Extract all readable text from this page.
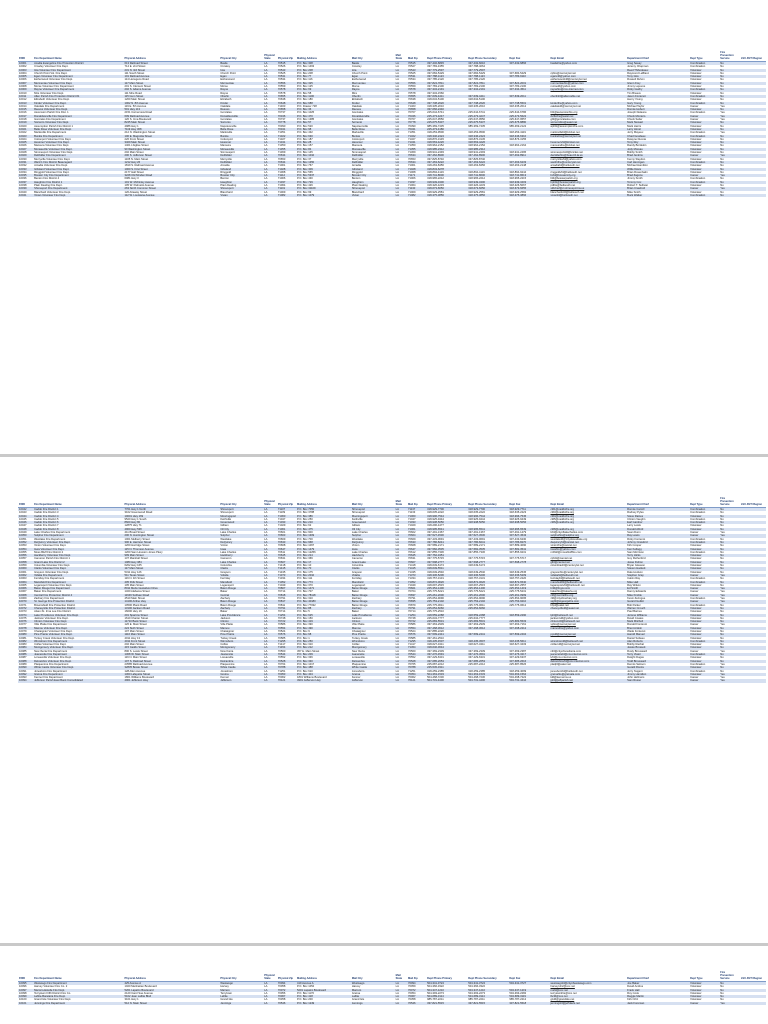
FDID	Fire Department Name	Physical Address	Physical City	Physical State	Physical Zip	Mailing Address	Mail City	Mail State	Mail Zip	Dept Phone Primary	Dept Phone Secondary	Dept Fax	Dept Email	Department Chief	Dept Type	Fire Prevention Service	LSU-FETI Region
10001	Acadia Evangeline Fire Protection District	613 Railroad Street	Basile	LA	70515	P.O. Box 308	Basile	LA	70515	337-432-6845	337-432-6010	337-432-6866	basilefire@yahoo.com	Greg Seeay	Combination	No	
10002	Crowley Volunteer Fire Dept.	714 E. 2nd Street	Crowley	LA	70526	P.O. Box 1463	Crowley	LA	70527	337-783-4355	337-788-4064			Jeremy Chapman	Combination	No	
10003	Iota Volunteer Fire Department	231 N. 3rd Street	Iota	LA	70543	P.O. Box 208	Iota	LA	70543	337-779-2597	337-779-2597			Reed Thibodeaux	Volunteer	No	
10004	Church Point Vol. Fire Dept.	111 South Street	Church Point	LA	70525	P.O. Box 208	Church Point	LA	70525	337-684-5429	337-684-5429	337-684-5429	cpfire@centurytel.net	Raymond LeBlanc	Volunteer	No	
10005	Egan Volunteer Fire Department	101 Railroad Avenue	Egan	LA	70531	P.O. Box 77	Egan	LA	70531	337-788-1123	337-788-1123	337-783-9110	eganvfd@yahoo.com	Tony Istre	Volunteer	No	
10006	Estherwood Volunteer Fire Dept.	114 Hensgens Road	Estherwood	LA	70534	P.O. Box 116	Estherwood	LA	70534	337-785-2120	337-785-2120		estherwoodvfd@centurytel.net	Russell Duhon	Volunteer	No	
10007	Mermentau Volunteer Fire Dept.	117 Main Street	Mermentau	LA	70556	P.O. Box 325	Mermentau	LA	70556	337-824-7811	337-824-7811	337-824-2001	mermentaufire@yahoo.com	Glenn Frey	Volunteer	No	
10008	Morse Volunteer Fire Department	201 S. Clement Street	Morse	LA	70559	P.O. Box 125	Morse	LA	70559	337-783-2100	337-783-2100	337-783-2100	morsefd@yahoo.com	Jimmy Lejeune	Volunteer	No	
10009	Rayne Volunteer Fire Department	202 S. Adams Avenue	Rayne	LA	70578	P.O. Box 69	Rayne	LA	70578	337-334-2191	337-334-2191	337-334-4511	raynefire@cox-internet.com	Ricky Guidry	Combination	No	
10010	Mire Volunteer Fire Dept.	111 Mire Road	Rayne	LA	70578	P.O. Box 58	Mire	LA	70578	337-334-1560				Tim Breaux	Volunteer	No	
10011	Allen Parish Fire Protection District #1	115 Gum Street	Oberlin	LA	70655	P.O. Box 1100	Oberlin	LA	70655	337-639-4411	337-639-4411	337-639-2011	oberlinfd@allencable.net	Jason Fontenot	Combination	No	
10012	Elizabeth Volunteer Fire Dept.	1200 Main Street	Elizabeth	LA	70638	P.O. Box 180	Elizabeth	LA	70638	318-634-5100	318-634-5100			Henry Young	Volunteer	No	
10013	Kinder Volunteer Fire Dept.	1002 N. 8th Avenue	Kinder	LA	70648	P.O. Box 688	Kinder	LA	70648	337-738-2620	337-738-2620	337-738-5501	kinderfire@yahoo.com	Gary Young	Combination	No	
10014	Oakdale Fire Department	119 E. 5th Avenue	Oakdale	LA	71463	P.O. Drawer 728	Oakdale	LA	71463	318-335-2010	318-335-2010	318-335-2012	oakdalefd@centurytel.net	Michael Taylor	Career	Yes	
10015	Reeves Volunteer Fire Dept.	501 Hwy 113	Reeves	LA	70658	P.O. Box 36	Reeves	LA	70658	337-666-2440				Ronnie Hebert	Volunteer	No	
10016	Ascension Parish Fire Dist. 1	2151 Cornerview Road	Gonzales	LA	70737	P.O. Box 1025	Gonzales	LA	70707	225-644-6741	225-644-6741	225-644-6786	fd1@ascensionfire.org	Joseph Delaune	Combination	Yes	
10017	Donaldsonville Fire Department	609 Railroad Avenue	Donaldsonville	LA	70346	P.O. Box 470	Donaldsonville	LA	70346	225-473-4247	225-473-4247	225-473-5622	dvillefire@eatel.net	Chuck Montero	Career	Yes	
10018	Gonzales Fire Department	120 S. Irma Boulevard	Gonzales	LA	70737	P.O. Box 1385	Gonzales	LA	70707	225-647-9550	225-647-9550	225-647-9557	gfd@gonzalesla.com	Chuck Seiler	Career	Yes	
10019	Sorrento Volunteer Fire Dept.	8245 Main Street	Sorrento	LA	70778	P.O. Box 57	Sorrento	LA	70778	225-675-5337	225-675-5337	225-675-8880	sorrentofire@eatel.net	Mark Stewart	Volunteer	No	
10020	Assumption Parish Fire District 1	4986 Hwy 1	Napoleonville	LA	70390	P.O. Box 520	Napoleonville	LA	70390	985-369-7435	985-369-7435	985-369-2122	apfd1@assumptionfire.com	Mark Harris	Volunteer	No	
10021	Belle Rose Volunteer Fire Dept.	7119 Hwy 308	Belle Rose	LA	70341	P.O. Box 98	Belle Rose	LA	70341	225-473-4180				Larry Himel	Volunteer	No	
10022	Marksville Fire Department	212 N. Washington Street	Marksville	LA	71351	P.O. Box 432	Marksville	LA	71351	318-253-9500	318-253-9500	318-253-4119	marksvillefd@kricket.net	Jerry Mayeux	Combination	Yes	
10023	Bunkie Fire Department	100 E. Magnolia Street	Bunkie	LA	71322	P.O. Box 630	Bunkie	LA	71322	318-346-2424	318-346-2424	318-346-6310	bunkiefire@centurytel.net	Chad Goudeau	Combination	No	
10024	Cottonport Volunteer Fire Dept.	226 Front Street	Cottonport	LA	71327	P.O. Box 187	Cottonport	LA	71327	318-876-3145	318-876-3145	318-876-3155		Dwayne Ducote	Volunteer	No	
10025	Hessmer Volunteer Fire Dept.	3409 Main Street	Hessmer	LA	71341	P.O. Box 28	Hessmer	LA	71341	318-563-4226	318-563-4226		hessmervfd@kricket.net	Tony Roy	Volunteer	No	
10026	Mansura Volunteer Fire Dept.	1401 L'Eglise Street	Mansura	LA	71350	P.O. Box 157	Mansura	LA	71350	318-964-2152	318-964-2152	318-964-2164	mansurafire@kricket.net	Randy Bordelon	Volunteer	No	
10027	Moreauville Volunteer Fire Dept.	90 Washington Street	Moreauville	LA	71355	P.O. Box 84	Moreauville	LA	71355	318-985-2312	318-985-2312			Jody Moreau	Volunteer	No	
10028	Simmesport Volunteer Fire Dept.	202 Main Street	Simmesport	LA	71369	P.O. Box 145	Simmesport	LA	71369	318-941-2493	318-941-2493	318-941-2495	simmesportvfd@kricket.net	Bobby Smith	Volunteer	No	
10029	DeRidder Fire Department	200 S. Jefferson Street	DeRidder	LA	70634	P.O. Box 1010	DeRidder	LA	70634	337-462-8900	337-462-8900	337-462-8911	deridderfire@beau.lib.la.us	Brad Jenkins	Career	Yes	
10030	Merryville Volunteer Fire Dept.	1105 N. Main Street	Merryville	LA	70653	P.O. Box 37	Merryville	LA	70653	337-825-8740	337-825-8740		merryvillevfd@yahoo.com	Kenny Slaydon	Volunteer	No	
10031	Ward 1 Fire District Beauregard	1212 Hwy 26	DeRidder	LA	70634	P.O. Box 1350	DeRidder	LA	70634	337-463-6222	337-463-6222	337-463-6233	ward1fire@centurytel.net	Carl Hennigan	Combination	No	
10032	Arcadia Volunteer Fire Dept.	1819 S. Railroad Avenue	Arcadia	LA	71001	P.O. Box 767	Arcadia	LA	71001	318-263-8456	318-263-8456	318-263-2148	arcadiafd@bellsouth.net	Michael Hamilton	Volunteer	No	
10033	Gibsland Volunteer Fire Dept.	1000 S. First Street	Gibsland	LA	71028	P.O. Box 309	Gibsland	LA	71028	318-843-6278				Willie Davis	Volunteer	No	
10034	Ringgold Volunteer Fire Dept.	2177 Hall Street	Ringgold	LA	71068	P.O. Box 565	Ringgold	LA	71068	318-894-4119	318-894-4119	318-894-9244	ringgoldvfd@bellsouth.net	Brian Rosenbalm	Volunteer	No	
10035	Bossier City Fire Department	3228 Old Minden Road	Bossier City	LA	71112	P.O. Box 5337	Bossier City	LA	71171	318-741-8600	318-741-8600	318-741-8613	bcfd@bossiercity.org	Brad Zagone	Career	Yes	
10036	Benton Fire District 4	6081 Hwy 3	Benton	LA	71006	P.O. Box 430	Benton	LA	71006	318-965-2212	318-965-2212	318-965-2215	fd4@bossierparish.org	Jimmy Smith	Combination	No	
10037	Haughton Fire District 1	101 W. McKinley Avenue	Haughton	LA	71037	P.O. Box 729	Haughton	LA	71037	318-949-3400	318-949-3400	318-949-3403	bpfd1@bossierparish.org	Tommy Cox	Combination	No	
10038	Plain Dealing Fire Dept.	105 W. Palmetto Avenue	Plain Dealing	LA	71064	P.O. Box 426	Plain Dealing	LA	71064	318-326-4233	318-326-4233	318-326-5067	pdfire@bellsouth.net	Robert T. Sullivan	Volunteer	No	
10039	Shreveport Fire Department	263 North Common Street	Shreveport	LA	71101	P.O. Box 31109	Shreveport	LA	71130	318-673-6650	318-673-6650	318-673-6655	sfdchief@ci.shreveport.la.us	Brian Crawford	Career	Yes	
10040	Blanchard Volunteer Fire Dept.	120 Attaway Street	Blanchard	LA	71009	P.O. Box 99	Blanchard	LA	71009	318-929-2581	318-929-2581	318-929-2582	blanchardvfd@bellsouth.net	Mike Smith	Volunteer	No	
10041	Vivian Volunteer Fire Dept.	112 W. Louisiana Avenue	Vivian	LA	71082	P.O. Box 1079	Vivian	LA	71082	318-375-3856	318-375-3856	318-375-3866	vivianfd@bellsouth.net	Buck Walker	Combination	No	
FDID	Fire Department Name	Physical Address	Physical City	Physical State	Physical Zip	Mailing Address	Mail City	Mail State	Mail Zip	Dept Phone Primary	Dept Phone Secondary	Dept Fax	Dept Email	Department Chief	Dept Type	Fire Prevention Service	LSU-FETI Region
10042	Caddo Fire District 1	7701 Hwy 1 North	Shreveport	LA	71107	P.O. Box 7050	Shreveport	LA	71137	318-929-7700	318-929-7700	318-929-7711	cfd1@caddofire.org	Ronnie Carroll	Combination	No	
10043	Caddo Fire District 3	3102 Greenwood Road	Shreveport	LA	71109	P.O. Box 3788	Shreveport	LA	71133	318-635-2222	318-635-2222	318-635-2223	cfd3@caddofire.org	Rodney Pyles	Combination	No	
10044	Caddo Fire District 4	10001 Hwy 169	Mooringsport	LA	71060	P.O. Box 386	Mooringsport	LA	71060	318-996-7544	318-996-7544	318-996-7545	cfd4@caddofire.org	Steve Raines	Volunteer	No	
10045	Caddo Fire District 5	9520 Hwy 1 South	Keithville	LA	71047	P.O. Box 250	Keithville	LA	71047	318-925-9444	318-925-9444	318-925-9449	cfd5@caddofire.org	Clinton Vaughn	Combination	No	
10046	Caddo Fire District 6	8600 Hwy 80	Greenwood	LA	71033	P.O. Box 210	Greenwood	LA	71033	318-938-5050	318-938-5050	318-938-5056	cfd6@caddofire.org	Earl Gardner	Combination	No	
10047	Caddo Fire District 7	12875 Hwy 71	Gilliam	LA	71029	P.O. Box 62	Gilliam	LA	71029	318-296-4477				Larry Lewis	Volunteer	No	
10048	Caddo Fire District 8	4900 Hwy 538	Oil City	LA	71061	P.O. Box 475	Oil City	LA	71061	318-995-6541	318-995-6541	318-995-6549	cfd8@caddofire.org	Donald Alford	Volunteer	No	
10049	Lake Charles Fire Department	411 Broad Street	Lake Charles	LA	70601	P.O. Box 900	Lake Charles	LA	70602	337-491-1367	337-491-1367	337-491-1479	lcfd@cityoflakecharles.com	Sean Dunn	Career	Yes	
10050	Sulphur Fire Department	200 N. Huntington Street	Sulphur	LA	70663	P.O. Box 1309	Sulphur	LA	70664	337-527-4530	337-527-4530	337-527-4543	sulphurfire@sulphur.org	Ray Lewis	Career	Yes	
10051	Westlake Fire Department	1001 Mulberry Street	Westlake	LA	70669	P.O. Box 700	Westlake	LA	70669	337-433-0691	337-433-0691	337-433-6230	westlakefd@cityofwestlake.org	Ricky Fontenot	Combination	No	
10052	DeQuincy Volunteer Fire Dept.	300 E. Harrison Street	DeQuincy	LA	70633	P.O. Box 968	DeQuincy	LA	70633	337-786-8241	337-786-8241	337-786-8270	dequincyfd@camtel.net	Johnny Crawford	Combination	No	
10053	Vinton Volunteer Fire Dept.	1200 Horridge Street	Vinton	LA	70668	P.O. Box 1067	Vinton	LA	70668	337-589-2171	337-589-2171	337-589-4090	vintonfire@camtel.net	Kirk Cooper	Volunteer	No	
10054	Iowa Volunteer Fire Dept.	115 N. Thomson Avenue	Iowa	LA	70647	P.O. Box 1479	Iowa	LA	70647	337-582-3535	337-582-3535	337-582-3541	iowafire@yahoo.com	Ken Kellogg	Volunteer	No	
10055	Moss Bluff Fire District 2	1200 Sam Houston Jones Pkwy	Lake Charles	LA	70611	P.O. Box 12256	Lake Charles	LA	70612	337-855-7336	337-855-7336	337-855-9231	mbfd2@mossblufffire.com	Sam Morrison	Combination	No	
10056	Hackberry Volunteer Fire Dept.	999 Main Street	Hackberry	LA	70645	P.O. Box 214	Hackberry	LA	70645	337-762-3451				Terry Hicks	Volunteer	No	
10057	Cameron Parish Fire District 1	137 Marshall Street	Cameron	LA	70631	P.O. Box 366	Cameron	LA	70631	337-775-5715	337-775-5715	337-775-5717	cpfd1@camtel.net	Guy Rutherford	Volunteer	No	
10058	Grand Lake Fire District 2	1080 Hwy 384	Lake Charles	LA	70607	P.O. Box 17	Grand Lake	LA	70607	337-598-2777	337-598-2777	337-598-2778	glfd@camtel.net	Jesse Duhon	Volunteer	No	
10059	Columbia Volunteer Fire Dept.	6202 Hwy 165	Columbia	LA	71418	P.O. Box 10	Columbia	LA	71418	318-649-6174	318-649-6174		columbiavfd@centurytel.net	Bryan Gleason	Volunteer	No	
10060	Clarks Volunteer Fire Dept.	117 Main Street	Clarks	LA	71415	P.O. Box 70	Clarks	LA	71415	318-649-5511				Steven Hackett	Volunteer	No	
10061	Grayson Volunteer Fire Dept.	5311 Hwy 126	Grayson	LA	71435	P.O. Box 175	Grayson	LA	71435	318-649-2540	318-649-2540	318-649-2545	graysonfire@centurytel.net	Dale Hudson	Volunteer	No	
10062	Vidalia Fire Department	511 Texas Street	Vidalia	LA	71373	P.O. Box 2010	Vidalia	LA	71373	318-336-5206	318-336-5206	318-336-5209	vidaliafd@bellsouth.net	Stephen Gray	Career	Yes	
10063	Ferriday Fire Department	116 N. 4th Street	Ferriday	LA	71334	P.O. Box 111	Ferriday	LA	71334	318-757-3131	318-757-3131	318-757-2220	ferridayfd@bellsouth.net	Calvin Ray	Combination	No	
10064	Mansfield Fire Department	405 Polk Street	Mansfield	LA	71052	P.O. Box 773	Mansfield	LA	71052	318-872-0626	318-872-0626	318-872-6540	mansfieldfd@bellsouth.net	Mike Hall	Combination	No	
10065	Logansport Volunteer Fire Dept.	105 Main Street	Logansport	LA	71049	P.O. Box 370	Logansport	LA	71049	318-697-2515	318-697-2515	318-697-2557	logansportvfd@bellsouth.net	Ray Wilson	Volunteer	No	
10066	Baton Rouge Fire Department	8011 Merle Gustafson Drive	Baton Rouge	LA	70807	P.O. Box 1471	Baton Rouge	LA	70821	225-354-1400	225-354-1400	225-354-1419	brfd@brgov.com	Ed Smith	Career	Yes	
10067	Baker Fire Department	1320 Alabama Street	Baker	LA	70714	P.O. Box 707	Baker	LA	70704	225-775-5221	225-775-5221	225-775-5231	bakerfire@bakerla.org	Danny Edwards	Career	Yes	
10068	Central Fire Protection District 4	11646 Sullivan Road	Central	LA	70818	P.O. Box 78118	Baton Rouge	LA	70837	225-261-2000	225-261-2000	225-261-0999	cfd@centralfire.org	Mike Kimble	Career	Yes	
10069	Zachary Fire Department	4510 Main Street	Zachary	LA	70791	P.O. Box 310	Zachary	LA	70791	225-654-9090	225-654-9090	225-654-9095	zfd@cityofzachary.org	Kevin Zeringue	Combination	Yes	
10070	St. George Fire Protection District	14100 Airline Hwy	Baton Rouge	LA	70817	P.O. Box 40180	Baton Rouge	LA	70835	225-753-2102	225-753-2102	225-753-9210	stgfd@stgeorgefire.com	Gerard Guillot	Career	Yes	
10071	Brownsfield Fire Protection District	10500 Plank Road	Baton Rouge	LA	70811	P.O. Box 77032	Baton Rouge	LA	70879	225-775-0611	225-775-0611	225-775-0612	bfpd@eatel.net	Bob Parker	Combination	No	
10072	Chaneyville Fire Protection District	13100 Jackson Road	Zachary	LA	70791	P.O. Box 88	Zachary	LA	70791	225-654-6060	225-654-6060		chaneyvillefd@eatel.net	Warren Crouch	Volunteer	No	
10073	Alsen-St. Irma Lee Fire District	16000 Hwy 19	Baker	LA	70714	P.O. Box 5	Baker	LA	70714	225-775-2510				Paul Barnes	Volunteer	No	
10074	Lake Providence Volunteer Fire Dept.	201 Sparrow Street	Lake Providence	LA	71254	P.O. Box 625	Lake Providence	LA	71254	318-559-2288	318-559-2288	318-559-2290	lpfd@bellsouth.net	Jerome Williams	Volunteer	No	
10075	Jackson Volunteer Fire Dept.	1610 Charter Street	Jackson	LA	70748	P.O. Box 150	Jackson	LA	70748	225-634-7777	225-634-7777		jacksonvfd@yahoo.com	David Coates	Volunteer	No	
10076	Clinton Volunteer Fire Dept.	11710 Bank Street	Clinton	LA	70722	P.O. Box 419	Clinton	LA	70722	225-683-5531	225-683-5531	225-683-5533	clintonvfd@bellsouth.net	Mark Mitchell	Volunteer	No	
10077	Ville Platte Fire Department	126 E. Main Street	Ville Platte	LA	70586	P.O. Box 390	Ville Platte	LA	70586	337-363-2939	337-363-2939	337-363-7161	vpfire@centurytel.net	Ronald Fontenot	Career	Yes	
10078	Mamou Volunteer Fire Dept.	224 Sixth Street	Mamou	LA	70554	P.O. Box 490	Mamou	LA	70554	337-468-3612	337-468-3612	337-468-2212	mamoufire@yahoo.com	Brent Ardoin	Volunteer	No	
10079	Chataignier Volunteer Fire Dept.	107 Main Street	Chataignier	LA	70524	P.O. Box 9	Chataignier	LA	70524	337-885-2220				Wade Fontenot	Volunteer	No	
10080	Pine Prairie Volunteer Fire Dept.	1116 Main Street	Pine Prairie	LA	70576	P.O. Box 68	Pine Prairie	LA	70576	337-599-2441	337-599-2441	337-599-2404	ppvfd@centurytel.net	Harold Manuel	Volunteer	No	
10081	Turkey Creek Volunteer Fire Dept.	4011 Hwy 13	Turkey Creek	LA	70585	P.O. Box 1	Turkey Creek	LA	70585	337-461-2510				Daniel Soileau	Volunteer	No	
10082	Winnsboro Fire Department	4011 Front Street	Winnsboro	LA	71295	P.O. Box 250	Winnsboro	LA	71295	318-435-4507	318-435-4507	318-435-5611	winnsborofd@bellsouth.net	Alan Roberts	Combination	No	
10083	Colfax Volunteer Fire Dept.	202 Main Street	Colfax	LA	71417	P.O. Box 310	Colfax	LA	71417	318-627-3411	318-627-3411	318-627-3433	colfaxvfd@centurytel.net	Bobby Rachal	Volunteer	No	
10084	Montgomery Volunteer Fire Dept.	415 Caddo Street	Montgomery	LA	71454	P.O. Box 212	Montgomery	LA	71454	318-646-3644				Jessie Brossett	Volunteer	No	
10085	New Iberia Fire Department	800 S. Lewis Street	New Iberia	LA	70560	457 E. Main Street	New Iberia	LA	70560	337-369-2339	337-369-2339	337-369-2387	nifd@cityofnewiberia.com	Rusty Broussard	Career	Yes	
10086	Jeanerette Fire Department	1308 W. Main Street	Jeanerette	LA	70544	P.O. Box 209	Jeanerette	LA	70544	337-276-4591	337-276-4591	337-276-3217	jeanerettefd@cox-internet.com	Terry Viator	Combination	No	
10087	Loreauville Volunteer Fire Dept.	116 N. Main Street	Loreauville	LA	70552	P.O. Box 336	Loreauville	LA	70552	337-229-6331	337-229-6331	337-229-6337	lvfd@cox-internet.com	Dwight Dugas	Volunteer	No	
10088	Delcambre Volunteer Fire Dept.	107 S. Railroad Street	Delcambre	LA	70528	P.O. Box 330	Delcambre	LA	70528	337-685-2653	337-685-2653	337-685-2616	delcambrevfd@cox-internet.com	Todd Broussard	Volunteer	No	
10089	Plaquemine Fire Department	23585 Railroad Avenue	Plaquemine	LA	70764	P.O. Box 1017	Plaquemine	LA	70765	225-687-2212	225-687-2212	225-687-8526	plaqfd@eatel.net	Dennis Settoon	Combination	Yes	
10090	White Castle Volunteer Fire Dept.	32835 Bowie Street	White Castle	LA	70788	P.O. Box 488	White Castle	LA	70788	225-545-3311				Gerald Rovira	Volunteer	No	
10091	Jonesboro Fire Department	128 Allen Avenue	Jonesboro	LA	71251	P.O. Box 610	Jonesboro	LA	71251	318-259-2385	318-259-2385	318-259-4099	jonesborofd@bellsouth.net	Jerry Nugent	Combination	No	
10092	Gretna Fire Department	1300 Lafayette Street	Gretna	LA	70053	P.O. Box 404	Gretna	LA	70054	504-363-1533	504-363-1533	504-363-1564	gretnafire@gretnala.com	Jimmy Hamilton	Volunteer	Yes	
10093	Kenner Fire Department	1801 Williams Boulevard	Kenner	LA	70062	1801 Williams Boulevard	Kenner	LA	70062	504-468-7230	504-468-7230	504-468-7222	kfd@kenner.la.us	John Hellmers	Career	Yes	
10094	Jefferson Parish East Bank Consolidated	4901 Jefferson Hwy	Jefferson	LA	70121	4901 Jefferson Hwy	Jefferson	LA	70121	504-731-4400	504-731-4400	504-731-4444	jpfd@jeffparish.net	Sam Russo	Career	Yes	
FDID	Fire Department Name	Physical Address	Physical City	Physical State	Physical Zip	Mailing Address	Mail City	Mail State	Mail Zip	Dept Phone Primary	Dept Phone Secondary	Dept Fax	Dept Email	Department Chief	Dept Type	Fire Prevention Service	LSU-FETI Region
10095	Westwego Fire Department	425 Avenue A	Westwego	LA	70094	419 Avenue A	Westwego	LA	70094	504-341-3724	504-341-3724	504-341-3727	westwegofd@cityofwestwego.com	Joe Baker	Volunteer	No	
10096	Harvey Volunteer Fire Co. 2	1020 Manhattan Boulevard	Harvey	LA	70058	P.O. Box 1054	Harvey	LA	70059	504-366-3322	504-366-3322		harveyvfc2@cox.net	David Andrus	Volunteer	No	
10097	Marrero-Estelle Fire Dept.	5201 Lapalco Boulevard	Marrero	LA	70072	5201 Lapalco Boulevard	Marrero	LA	70072	504-347-1210	504-347-1210	504-347-1219	mefd@cox.net	Frank Hall	Volunteer	No	
10098	Terrytown Fifth District Fire Co.	2120 Carol Sue Avenue	Terrytown	LA	70056	P.O. Box 1170	Gretna	LA	70054	504-393-2273	504-393-2273	504-393-2282	terrytownfire@cox.net	Roy Cook	Volunteer	No	
10099	Lafitte-Barataria Fire Dept.	5102 Jean Lafitte Blvd	Lafitte	LA	70067	P.O. Box 418	Lafitte	LA	70067	504-689-3114	504-689-3114	504-689-3119	lbcfd@cox.net	Reggie Martin	Volunteer	No	
10100	Grand Isle Volunteer Fire Dept.	3101 Hwy 1	Grand Isle	LA	70358	P.O. Box 200	Grand Isle	LA	70358	985-787-2211	985-787-2211	985-787-2212	givfd@grandisle.net	Kirk Ortiz	Volunteer	No	
10101	Jennings Fire Department	512 N. Main Street	Jennings	LA	70546	P.O. Box 1249	Jennings	LA	70546	337-821-5515	337-821-5515	337-821-5518	jenningsfd@jeffdavis.net	Jack Foreman	Career	Yes	
